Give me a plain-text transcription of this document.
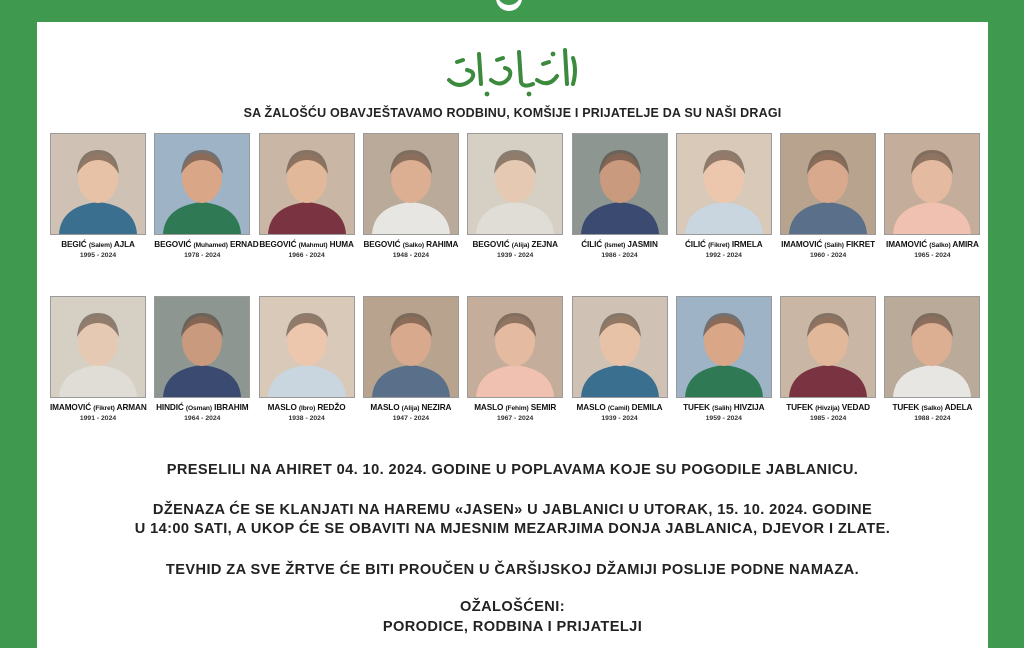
SA ŽALOŠĆU OBAVJEŠTAVAMO RODBINU, KOMŠIJE I PRIJATELJE DA SU NAŠI DRAGI
BEGIĆ (Salem) AJLA
1995 - 2024
BEGOVIĆ (Muhamed) ERNAD
1978 - 2024
BEGOVIĆ (Mahmut) HUMA
1966 - 2024
BEGOVIĆ (Salko) RAHIMA
1948 - 2024
BEGOVIĆ (Alija) ZEJNA
1939 - 2024
ĆILIĆ (Ismet) JASMIN
1986 - 2024
ĆILIĆ (Fikret) IRMELA
1992 - 2024
IMAMOVIĆ (Salih) FIKRET
1960 - 2024
IMAMOVIĆ (Salko) AMIRA
1965 - 2024
IMAMOVIĆ (Fikret) ARMAN
1991 - 2024
HINDIĆ (Osman) IBRAHIM
1964 - 2024
MASLO (Ibro) REDŽO
1938 - 2024
MASLO (Alija) NEZIRA
1947 - 2024
MASLO (Fehim) SEMIR
1967 - 2024
MASLO (Camil) DEMILA
1939 - 2024
TUFEK (Salih) HIVZIJA
1959 - 2024
TUFEK (Hivzija) VEDAD
1985 - 2024
TUFEK (Salko) ADELA
1988 - 2024
PRESELILI NA AHIRET 04. 10. 2024. GODINE U POPLAVAMA KOJE SU POGODILE JABLANICU.
DŽENAZA ĆE SE KLANJATI NA HAREMU «JASEN» U JABLANICI U UTORAK, 15. 10. 2024. GODINE
U 14:00 SATI, A UKOP ĆE SE OBAVITI NA MJESNIM MEZARJIMA DONJA JABLANICA, DJEVOR I ZLATE.
TEVHID ZA SVE ŽRTVE ĆE BITI PROUČEN U ČARŠIJSKOJ DŽAMIJI POSLIJE PODNE NAMAZA.
OŽALOŠĆENI:
PORODICE, RODBINA I PRIJATELJI
